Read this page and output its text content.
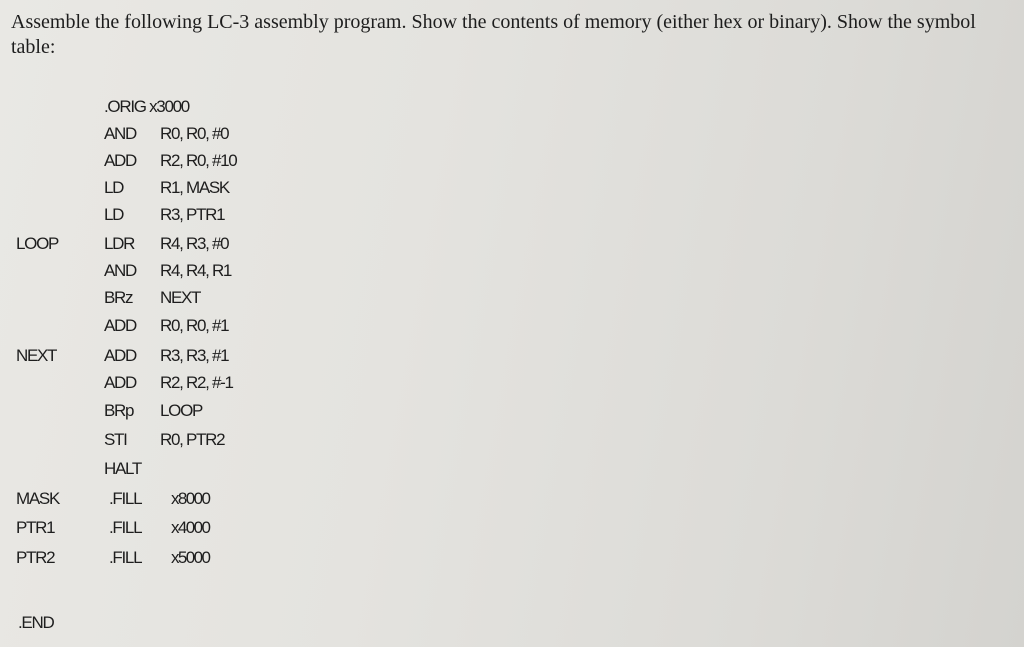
Assemble the following LC-3 assembly program. Show the contents of memory (either hex or binary). Show the symbol table:

.ORIG x3000
AND R0, R0, #0
ADD R2, R0, #10
LD R1, MASK
LD R3, PTR1
LOOP	LDR R4, R3, #0
AND R4, R4, R1
BRz NEXT
ADD R0, R0, #1
NEXT	ADD R3, R3, #1
ADD R2, R2, #-1
BRp LOOP
STI R0, PTR2
HALT
MASK	.FILL x8000
PTR1	.FILL x4000
PTR2	.FILL x5000
.END
